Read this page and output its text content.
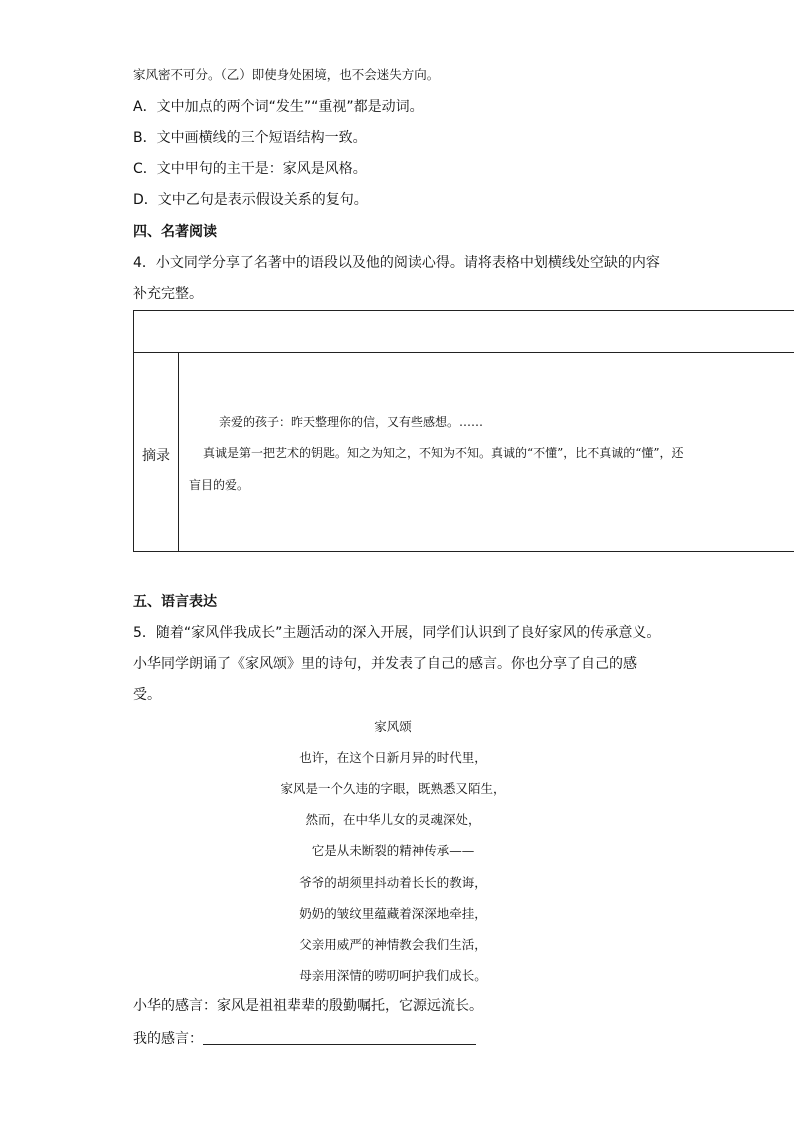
家风密不可分。（乙）即使身处困境，也不会迷失方向。
A．文中加点的两个词“发生”“重视”都是动词。
B．文中画横线的三个短语结构一致。
C．文中甲句的主干是：家风是风格。
D．文中乙句是表示假设关系的复句。
四、名著阅读
4．小文同学分享了名著中的语段以及他的阅读心得。请将表格中划横线处空缺的内容
补充完整。
摘录
亲爱的孩子：昨天整理你的信，又有些感想。……
真诚是第一把艺术的钥匙。知之为知之，不知为不知。真诚的“不懂”，比不真诚的“懂”，还
盲目的爱。
五、语言表达
5．随着“家风伴我成长”主题活动的深入开展，同学们认识到了良好家风的传承意义。
小华同学朗诵了《家风颂》里的诗句，并发表了自己的感言。你也分享了自己的感
受。
家风颂
也许，在这个日新月异的时代里，
家风是一个久违的字眼，既熟悉又陌生，
然而，在中华儿女的灵魂深处，
它是从未断裂的精神传承——
爷爷的胡须里抖动着长长的教诲，
奶奶的皱纹里蕴藏着深深地牵挂，
父亲用威严的神情教会我们生活，
母亲用深情的唠叨呵护我们成长。
小华的感言：家风是祖祖辈辈的殷勤嘱托，它源远流长。
我的感言：
